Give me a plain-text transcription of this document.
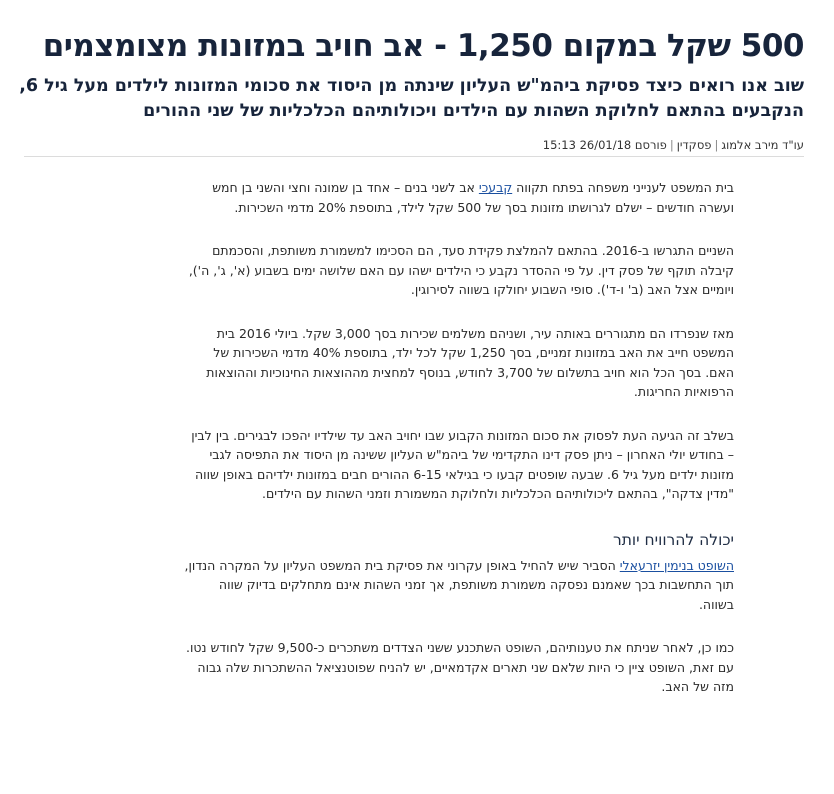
500 שקל במקום 1,250 - אב חויב במזונות מצומצמים
שוב אנו רואים כיצד פסיקת ביהמ"ש העליון שינתה מן היסוד את סכומי המזונות לילדים מעל גיל 6, הנקבעים בהתאם לחלוקת השהות עם הילדים ויכולותיהם הכלכליות של שני ההורים
עו"ד מירב אלמוג|פסקדין|פורסם 15:13 26/01/18

בית המשפט לענייני משפחה בפתח תקווה קבעכי אב לשני בנים – אחד בן שמונה וחצי והשני בן חמש ועשרה חודשים – ישלם לגרושתו מזונות בסך של 500 שקל לילד, בתוספת 20% מדמי השכירות.

השניים התגרשו ב-2016. בהתאם להמלצת פקידת סעד, הם הסכימו למשמורת משותפת, והסכמתם קיבלה תוקף של פסק דין. על פי ההסדר נקבע כי הילדים ישהו עם האם שלושה ימים בשבוע (א', ג', ה'), ויומיים אצל האב (ב' ו-ד'). סופי השבוע יחולקו בשווה לסירוגין.

מאז שנפרדו הם מתגוררים באותה עיר, ושניהם משלמים שכירות בסך 3,000 שקל. ביולי 2016 בית המשפט חייב את האב במזונות זמניים, בסך 1,250 שקל לכל ילד, בתוספת 40% מדמי השכירות של האם. בסך הכל הוא חויב בתשלום של 3,700 לחודש, בנוסף למחצית מההוצאות החינוכיות וההוצאות הרפואיות החריגות.

בשלב זה הגיעה העת לפסוק את סכום המזונות הקבוע שבו יחויב האב עד שילדיו יהפכו לבגירים. בין לבין – בחודש יולי האחרון – ניתן פסק דינו התקדימי של ביהמ"ש העליון ששינה מן היסוד את התפיסה לגבי מזונות ילדים מעל גיל 6. שבעה שופטים קבעו כי בגילאי 6-15 ההורים חבים במזונות ילדיהם באופן שווה "מדין צדקה", בהתאם ליכולותיהם הכלכליות ולחלוקת המשמורת וזמני השהות עם הילדים.

יכולה להרוויח יותר

השופט בנימין יזרעאלי הסביר שיש להחיל באופן עקרוני את פסיקת בית המשפט העליון על המקרה הנדון, תוך התחשבות בכך שאמנם נפסקה משמורת משותפת, אך זמני השהות אינם מתחלקים בדיוק שווה בשווה.

כמו כן, לאחר שניתח את טענותיהם, השופט השתכנע ששני הצדדים משתכרים כ-9,500 שקל לחודש נטו. עם זאת, השופט ציין כי היות שלאם שני תארים אקדמאיים, יש להניח שפוטנציאל ההשתכרות שלה גבוה מזה של האב.
